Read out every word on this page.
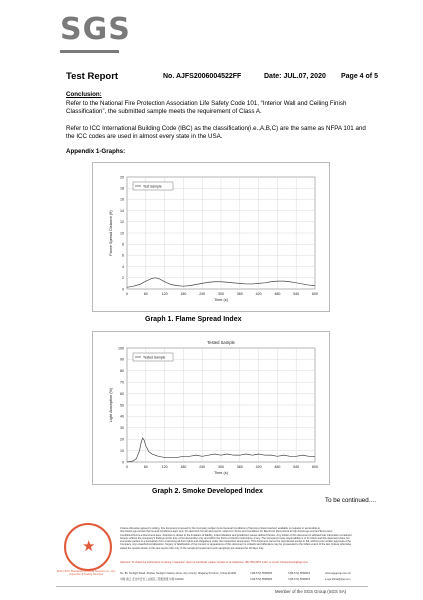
SGS
Test Report	No. AJFS2006004522FF	Date: JUL.07, 2020 Page 4 of 5
Conclusion:
Refer to the National Fire Protection Association Life Safety Code 101, “Interior Wall and Ceiling Finish Classification”, the submitted sample meets the requirement of Class A.
Refer to ICC International Building Code (IBC) as the classification(i.e.,A,B,C) are the same as NFPA 101 and the ICC codes are used in almost every state in the USA.
Appendix 1-Graphs:
0	60	120	180	240	300	360	420	480	540	600
0
2
4
6
8
10
12
14
16
18
20
Time (s)
Flame Spread Distance (ft)
Test Sample
Graph 1. Flame Spread Index
0	60	120	180	240	300	360	420	480	540	600
0
10
20
30
40
50
60
70
80
90
100
Time (s)
Light Absorption (%)
Tested Sample
Tested Sample
Graph 2. Smoke Developed Index
To be continued….
★
Unless otherwise agreed in writing, this document is issued by the Company subject to its General Conditions of Service printed overleaf, available on request or accessible at http://www.sgs.com/en/Terms-and-Conditions.aspx and, for electronic format documents, subject to Terms and Conditions for Electronic Documents at http://www.sgs.com/en/Terms-and-Conditions/Terms-e-Document.aspx. Attention is drawn to the limitation of liability, indemnification and jurisdiction issues defined therein. Any holder of this document is advised that information contained hereon reflects the Company's findings at the time of its intervention only and within the limits of Client's instructions, if any. The Company's sole responsibility is to its Client and this document does not exonerate parties to a transaction from exercising all their rights and obligations under the transaction documents. This document cannot be reproduced except in full, without prior written approval of the Company. Any unauthorized alteration, forgery or falsification of the content or appearance of this document is unlawful and offenders may be prosecuted to the fullest extent of the law. Unless otherwise stated the results shown in this test report refer only to the sample(s) tested and such sample(s) are retained for 30 days only.
Attention: To check the authenticity of testing / inspection report & certificate, please contact us at telephone: (86-755) 8307 1443, or email: CN.Doccheck@sgs.com
No. 8F, Sunlight Road, Zhuhai, Sunlight Industry Zone, Airy County, Zhejiang Province, China 311300
中国·浙江·安吉市安吉工业园区三帮组团组 中国 311300
t (86-572) 5538305	f (86-572) 5538315	www.sgsgroup.com.cn
t (86-572) 5538305	f (86-572) 5538315	e sgs.china@sgs.com
SGS-CSTC Standards Technical Services Co., Ltd. Inspection & Testing Services
Member of the SGS Group (SGS SA)
